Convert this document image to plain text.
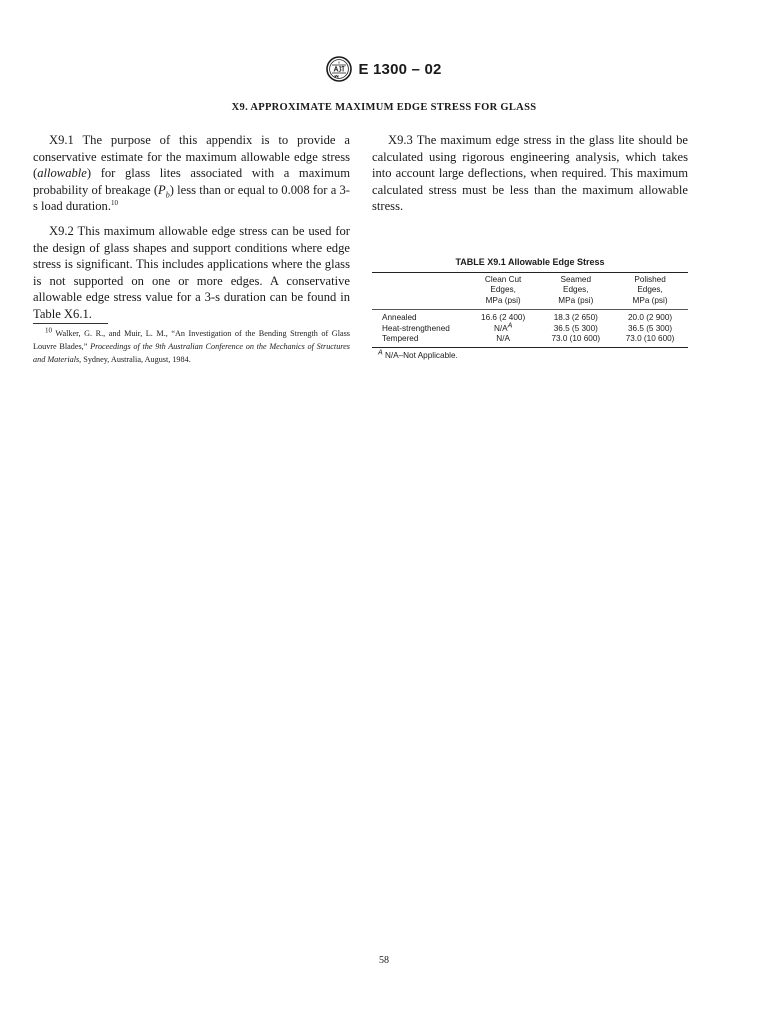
E 1300 – 02
X9. APPROXIMATE MAXIMUM EDGE STRESS FOR GLASS

X9.1 The purpose of this appendix is to provide a conservative estimate for the maximum allowable edge stress (allowable) for glass lites associated with a maximum probability of breakage $(P_b)$ less than or equal to 0.008 for a 3-s load duration.$^{10}$

X9.2 This maximum allowable edge stress can be used for the design of glass shapes and support conditions where edge stress is significant. This includes applications where the glass is not supported on one or more edges. A conservative allowable edge stress value for a 3-s duration can be found in Table X6.1.

$^{10}$ Walker, G. R., and Muir, L. M., “An Investigation of the Bending Strength of Glass Louvre Blades,” Proceedings of the 9th Australian Conference on the Mechanics of Structures and Materials, Sydney, Australia, August, 1984.

X9.3 The maximum edge stress in the glass lite should be calculated using rigorous engineering analysis, which takes into account large deflections, when required. This maximum calculated stress must be less than the maximum allowable stress.

TABLE X9.1 Allowable Edge Stress
	Clean Cut
Edges,
MPa (psi)	Seamed
Edges,
MPa (psi)	Polished
Edges,
MPa (psi)

Annealed	16.6 (2 400)	18.3 (2 650)	20.0 (2 900)
Heat-strengthened	$N/A^A$	36.5 (5 300)	36.5 (5 300)
Tempered	N/A	73.0 (10 600)	73.0 (10 600)
$^A$ N/A–Not Applicable.
58
